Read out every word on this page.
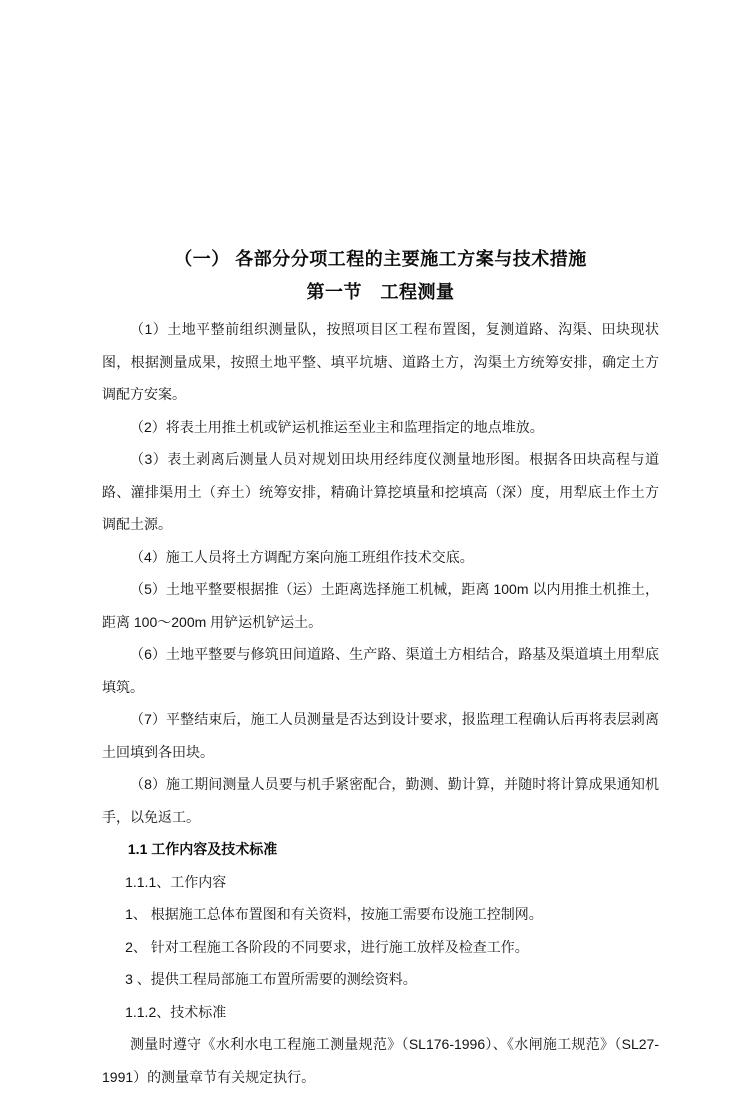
（一） 各部分分项工程的主要施工方案与技术措施
第一节　工程测量

（1）土地平整前组织测量队，按照项目区工程布置图，复测道路、沟渠、田块现状图，根据测量成果，按照土地平整、填平坑塘、道路土方，沟渠土方统筹安排，确定土方调配方安案。

（2）将表土用推土机或铲运机推运至业主和监理指定的地点堆放。

（3）表土剥离后测量人员对规划田块用经纬度仪测量地形图。根据各田块高程与道路、灌排渠用土（弃土）统筹安排，精确计算挖填量和挖填高（深）度，用犁底土作土方调配土源。

（4）施工人员将土方调配方案向施工班组作技术交底。

（5）土地平整要根据推（运）土距离选择施工机械，距离 100m 以内用推土机推土，距离 100～200m 用铲运机铲运土。

（6）土地平整要与修筑田间道路、生产路、渠道土方相结合，路基及渠道填土用犁底填筑。

（7）平整结束后，施工人员测量是否达到设计要求，报监理工程确认后再将表层剥离土回填到各田块。

（8）施工期间测量人员要与机手紧密配合，勤测、勤计算，并随时将计算成果通知机手，以免返工。

1.1 工作内容及技术标准

1.1.1、工作内容

1、 根据施工总体布置图和有关资料，按施工需要布设施工控制网。

2、 针对工程施工各阶段的不同要求，进行施工放样及检查工作。

3 、提供工程局部施工布置所需要的测绘资料。

1.1.2、技术标准

测量时遵守《水利水电工程施工测量规范》（SL176-1996）、《水闸施工规范》（SL27-1991）的测量章节有关规定执行。
